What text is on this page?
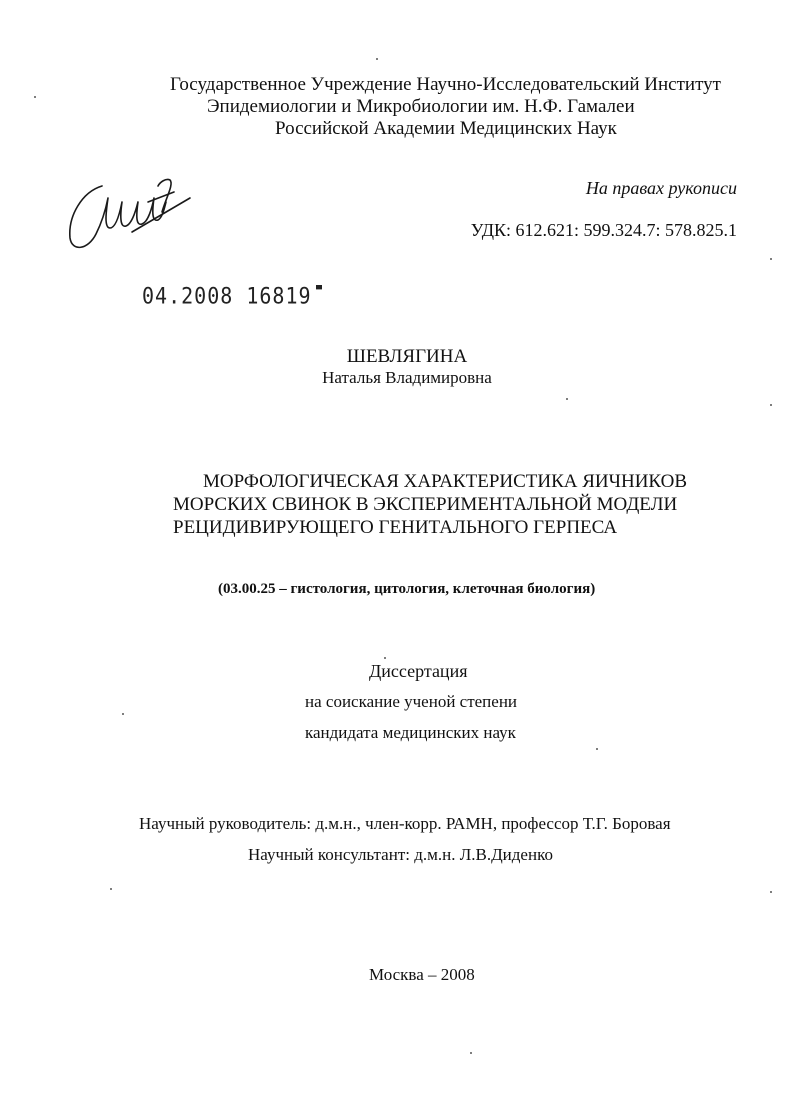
Государственное Учреждение Научно-Исследовательский Институт
Эпидемиологии и Микробиологии им. Н.Ф. Гамалеи
Российской Академии Медицинских Наук
На правах рукописи
УДК: 612.621: 599.324.7: 578.825.1
04.2008 16819
ШЕВЛЯГИНА
Наталья Владимировна
МОРФОЛОГИЧЕСКАЯ ХАРАКТЕРИСТИКА ЯИЧНИКОВ
МОРСКИХ СВИНОК В ЭКСПЕРИМЕНТАЛЬНОЙ МОДЕЛИ
РЕЦИДИВИРУЮЩЕГО ГЕНИТАЛЬНОГО ГЕРПЕСА
(03.00.25 – гистология, цитология, клеточная биология)
Диссертация
на соискание ученой степени
кандидата медицинских наук
Научный руководитель: д.м.н., член-корр. РАМН, профессор Т.Г. Боровая
Научный консультант: д.м.н. Л.В.Диденко
Москва – 2008
